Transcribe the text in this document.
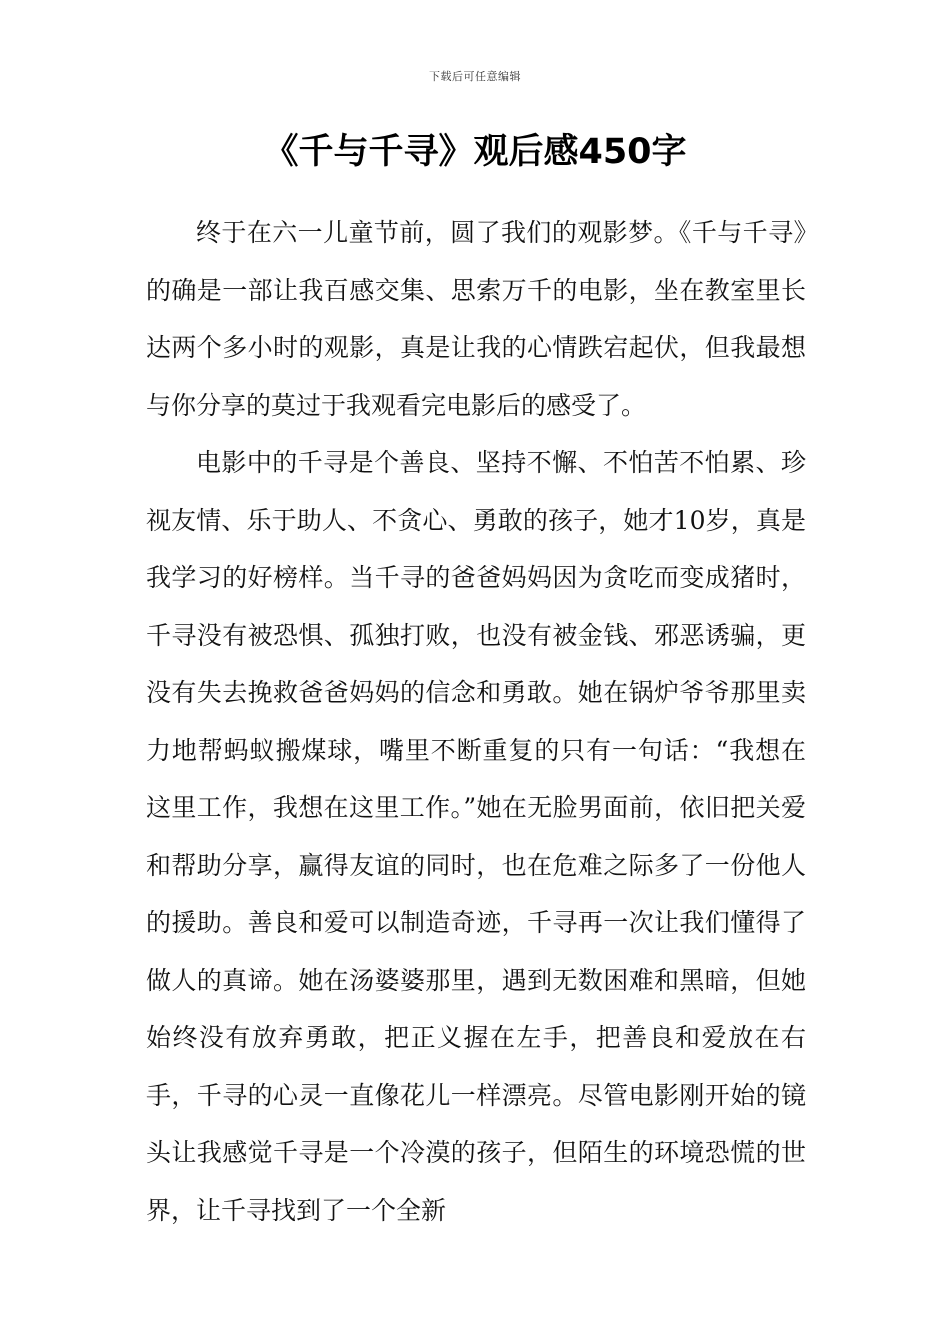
下载后可任意编辑
《千与千寻》观后感450字

终于在六一儿童节前，圆了我们的观影梦。《千与千寻》的确是一部让我百感交集、思索万千的电影，坐在教室里长达两个多小时的观影，真是让我的心情跌宕起伏，但我最想与你分享的莫过于我观看完电影后的感受了。

电影中的千寻是个善良、坚持不懈、不怕苦不怕累、珍视友情、乐于助人、不贪心、勇敢的孩子，她才10岁，真是我学习的好榜样。当千寻的爸爸妈妈因为贪吃而变成猪时，千寻没有被恐惧、孤独打败，也没有被金钱、邪恶诱骗，更没有失去挽救爸爸妈妈的信念和勇敢。她在锅炉爷爷那里卖力地帮蚂蚁搬煤球，嘴里不断重复的只有一句话：“我想在这里工作，我想在这里工作。”她在无脸男面前，依旧把关爱和帮助分享，赢得友谊的同时，也在危难之际多了一份他人的援助。善良和爱可以制造奇迹，千寻再一次让我们懂得了做人的真谛。她在汤婆婆那里，遇到无数困难和黑暗，但她始终没有放弃勇敢，把正义握在左手，把善良和爱放在右手，千寻的心灵一直像花儿一样漂亮。尽管电影刚开始的镜头让我感觉千寻是一个冷漠的孩子，但陌生的环境恐慌的世界，让千寻找到了一个全新
